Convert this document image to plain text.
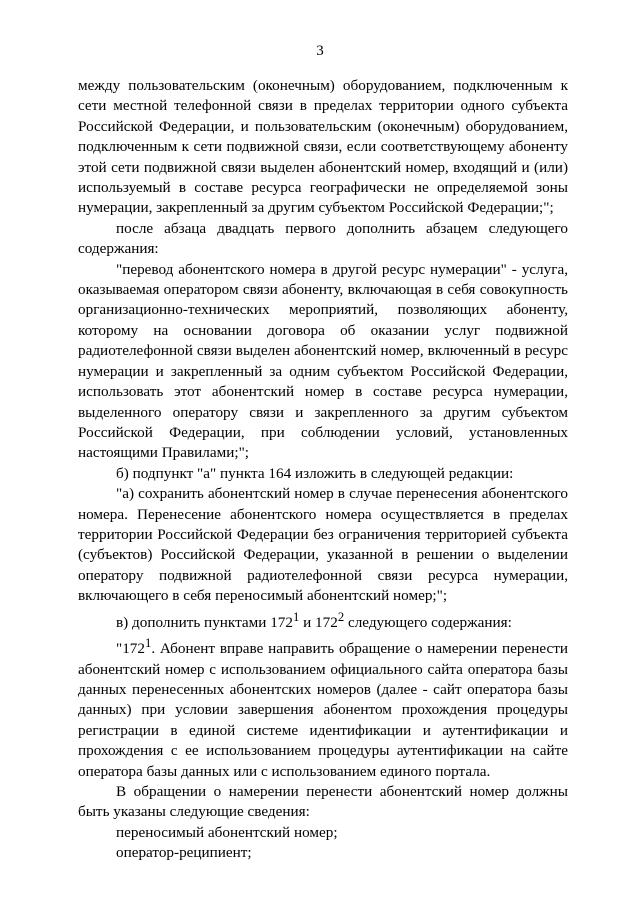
3

между пользовательским (оконечным) оборудованием, подключенным к сети местной телефонной связи в пределах территории одного субъекта Российской Федерации, и пользовательским (оконечным) оборудованием, подключенным к сети подвижной связи, если соответствующему абоненту этой сети подвижной связи выделен абонентский номер, входящий и (или) используемый в составе ресурса географически не определяемой зоны нумерации, закрепленный за другим субъектом Российской Федерации;";

после абзаца двадцать первого дополнить абзацем следующего содержания:

"перевод абонентского номера в другой ресурс нумерации" - услуга, оказываемая оператором связи абоненту, включающая в себя совокупность организационно-технических мероприятий, позволяющих абоненту, которому на основании договора об оказании услуг подвижной радиотелефонной связи выделен абонентский номер, включенный в ресурс нумерации и закрепленный за одним субъектом Российской Федерации, использовать этот абонентский номер в составе ресурса нумерации, выделенного оператору связи и закрепленного за другим субъектом Российской Федерации, при соблюдении условий, установленных настоящими Правилами;";

б) подпункт "а" пункта 164 изложить в следующей редакции:

"а) сохранить абонентский номер в случае перенесения абонентского номера. Перенесение абонентского номера осуществляется в пределах территории Российской Федерации без ограничения территорией субъекта (субъектов) Российской Федерации, указанной в решении о выделении оператору подвижной радиотелефонной связи ресурса нумерации, включающего в себя переносимый абонентский номер;";

в) дополнить пунктами $172^1$ и $172^2$ следующего содержания:

"$172^1$. Абонент вправе направить обращение о намерении перенести абонентский номер с использованием официального сайта оператора базы данных перенесенных абонентских номеров (далее - сайт оператора базы данных) при условии завершения абонентом прохождения процедуры регистрации в единой системе идентификации и аутентификации и прохождения с ее использованием процедуры аутентификации на сайте оператора базы данных или с использованием единого портала.

В обращении о намерении перенести абонентский номер должны быть указаны следующие сведения:

переносимый абонентский номер;

оператор-реципиент;
